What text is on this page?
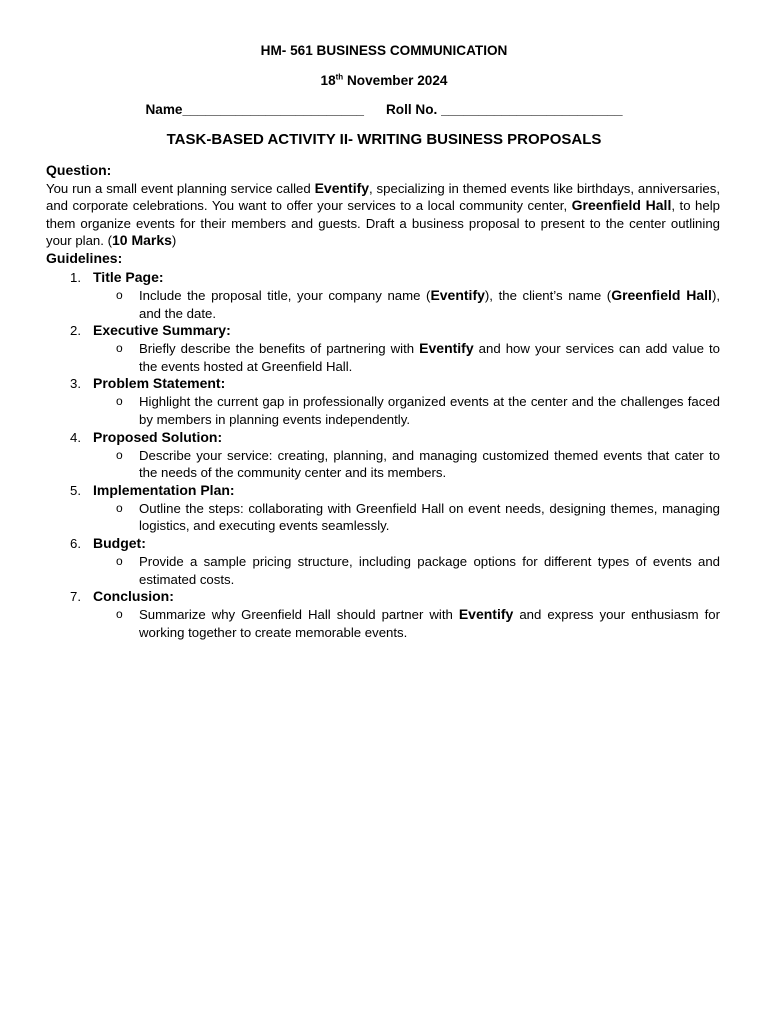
HM- 561 BUSINESS COMMUNICATION
18th November 2024
Name________________________ Roll No. ________________________
TASK-BASED ACTIVITY II- WRITING BUSINESS PROPOSALS
Question:
You run a small event planning service called Eventify, specializing in themed events like birthdays, anniversaries, and corporate celebrations. You want to offer your services to a local community center, Greenfield Hall, to help them organize events for their members and guests. Draft a business proposal to present to the center outlining your plan. (10 Marks)
Guidelines:
1. Title Page:
o Include the proposal title, your company name (Eventify), the client’s name (Greenfield Hall), and the date.
2. Executive Summary:
o Briefly describe the benefits of partnering with Eventify and how your services can add value to the events hosted at Greenfield Hall.
3. Problem Statement:
o Highlight the current gap in professionally organized events at the center and the challenges faced by members in planning events independently.
4. Proposed Solution:
o Describe your service: creating, planning, and managing customized themed events that cater to the needs of the community center and its members.
5. Implementation Plan:
o Outline the steps: collaborating with Greenfield Hall on event needs, designing themes, managing logistics, and executing events seamlessly.
6. Budget:
o Provide a sample pricing structure, including package options for different types of events and estimated costs.
7. Conclusion:
o Summarize why Greenfield Hall should partner with Eventify and express your enthusiasm for working together to create memorable events.
